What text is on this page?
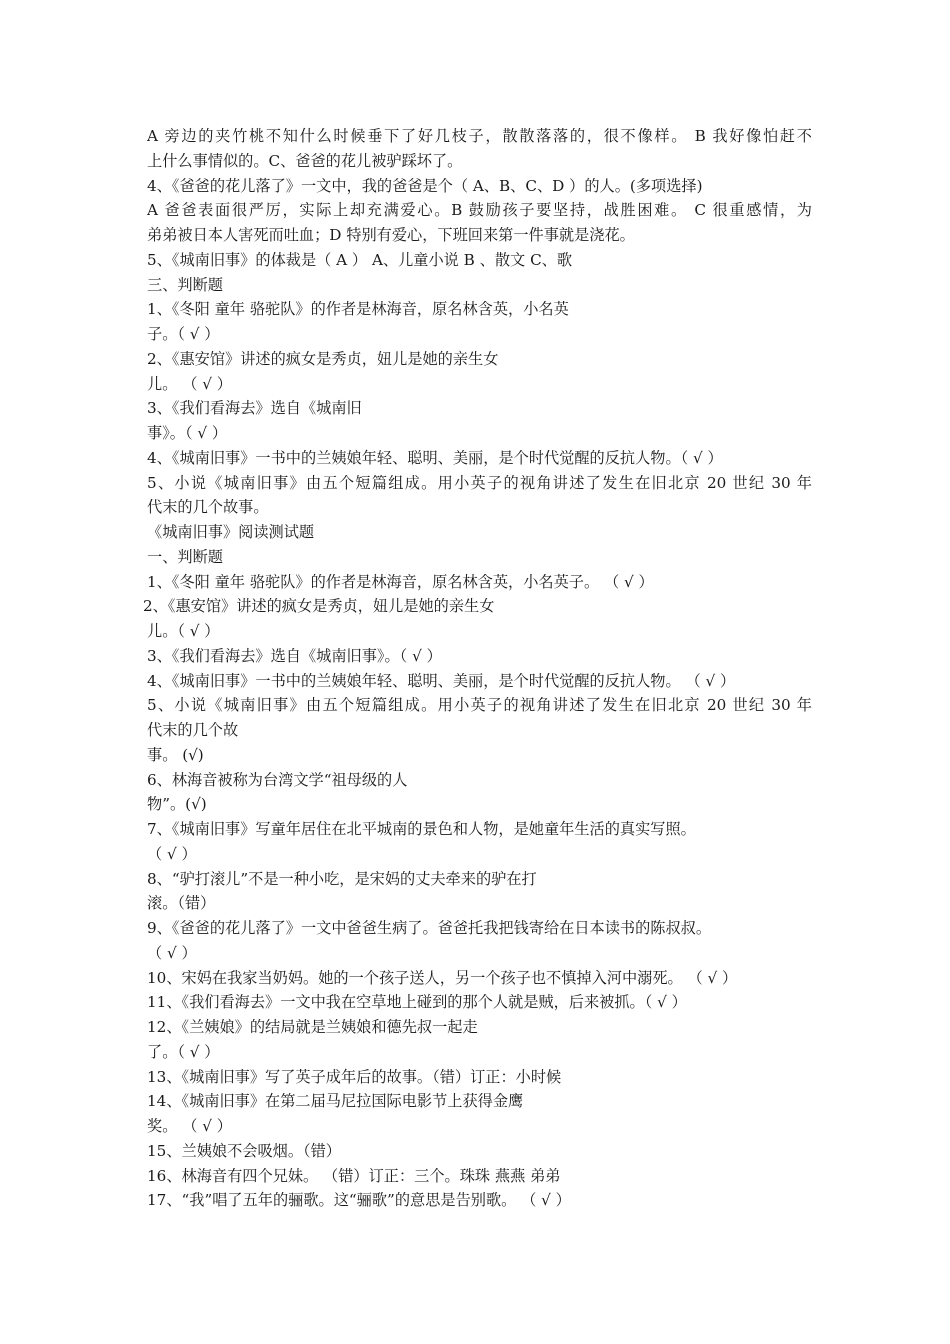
A 旁边的夹竹桃不知什么时候垂下了好几枝子，散散落落的，很不像样。 B 我好像怕赶不

上什么事情似的。C、爸爸的花儿被驴踩坏了。

4、《爸爸的花儿落了》一文中，我的爸爸是个（ A、B、C、D ）的人。(多项选择)

A 爸爸表面很严厉，实际上却充满爱心。B 鼓励孩子要坚持，战胜困难。 C 很重感情，为

弟弟被日本人害死而吐血；D 特别有爱心，下班回来第一件事就是浇花。

5、《城南旧事》的体裁是（ A ） A、儿童小说 B 、散文 C、歌

三、判断题

1、《冬阳 童年 骆驼队》的作者是林海音，原名林含英，小名英

子。（ √ ）

2、《惠安馆》讲述的疯女是秀贞，妞儿是她的亲生女

儿。 （ √ ）

3、《我们看海去》选自《城南旧

事》。（ √ ）

4、《城南旧事》一书中的兰姨娘年轻、聪明、美丽，是个时代觉醒的反抗人物。（ √ ）

5、小说《城南旧事》由五个短篇组成。用小英子的视角讲述了发生在旧北京 20 世纪 30 年

代末的几个故事。

《城南旧事》阅读测试题

一、判断题

1、《冬阳 童年 骆驼队》的作者是林海音，原名林含英，小名英子。 （ √ ）

2、《惠安馆》讲述的疯女是秀贞，妞儿是她的亲生女

儿。（ √ ）

3、《我们看海去》选自《城南旧事》。（ √ ）

4、《城南旧事》一书中的兰姨娘年轻、聪明、美丽，是个时代觉醒的反抗人物。 （ √ ）

5、小说《城南旧事》由五个短篇组成。用小英子的视角讲述了发生在旧北京 20 世纪 30 年

代末的几个故

事。 (√)

6、林海音被称为台湾文学“祖母级的人

物”。(√)

7、《城南旧事》写童年居住在北平城南的景色和人物，是她童年生活的真实写照。

（ √ ）

8、“驴打滚儿”不是一种小吃，是宋妈的丈夫牵来的驴在打

滚。（错）

9、《爸爸的花儿落了》一文中爸爸生病了。爸爸托我把钱寄给在日本读书的陈叔叔。

（ √ ）

10、宋妈在我家当奶妈。她的一个孩子送人，另一个孩子也不慎掉入河中溺死。 （ √ ）

11、《我们看海去》一文中我在空草地上碰到的那个人就是贼，后来被抓。（ √ ）

12、《兰姨娘》的结局就是兰姨娘和德先叔一起走

了。（ √ ）

13、《城南旧事》写了英子成年后的故事。（错）订正：小时候

14、《城南旧事》在第二届马尼拉国际电影节上获得金鹰

奖。 （ √ ）

15、兰姨娘不会吸烟。（错）

16、林海音有四个兄妹。 （错）订正：三个。珠珠 燕燕 弟弟

17、“我”唱了五年的骊歌。这“骊歌”的意思是告别歌。 （ √ ）
